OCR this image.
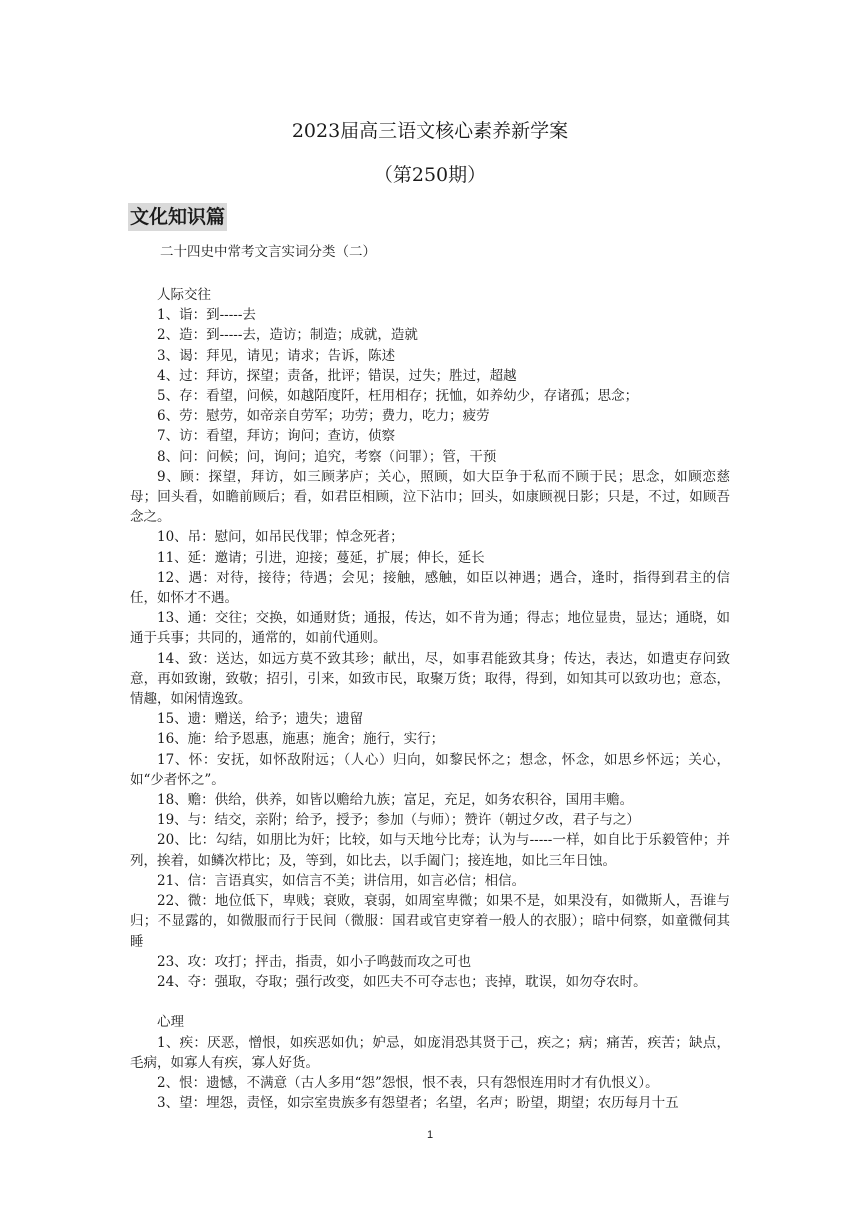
2023届高三语文核心素养新学案
（第250期）
文化知识篇
二十四史中常考文言实词分类（二）

人际交往

1、诣：到-----去

2、造：到-----去，造访；制造；成就，造就

3、谒：拜见，请见；请求；告诉，陈述

4、过：拜访，探望；责备，批评；错误，过失；胜过，超越

5、存：看望，问候，如越陌度阡，枉用相存；抚恤，如养幼少，存诸孤；思念；

6、劳：慰劳，如帝亲自劳军；功劳；费力，吃力；疲劳

7、访：看望，拜访；询问；查访，侦察

8、问：问候；问，询问；追究，考察（问罪）；管，干预

9、顾：探望，拜访，如三顾茅庐；关心，照顾，如大臣争于私而不顾于民；思念，如顾恋慈母；回头看，如瞻前顾后；看，如君臣相顾，泣下沾巾；回头，如康顾视日影；只是，不过，如顾吾念之。

10、吊：慰问，如吊民伐罪；悼念死者；

11、延：邀请；引进，迎接；蔓延，扩展；伸长，延长

12、遇：对待，接待；待遇；会见；接触，感触，如臣以神遇；遇合，逢时，指得到君主的信任，如怀才不遇。

13、通：交往；交换，如通财货；通报，传达，如不肯为通；得志；地位显贵，显达；通晓，如通于兵事；共同的，通常的，如前代通则。

14、致：送达，如远方莫不致其珍；献出，尽，如事君能致其身；传达，表达，如遣吏存问致意，再如致谢，致敬；招引，引来，如致市民，取聚万货；取得，得到，如知其可以致功也；意态，情趣，如闲情逸致。

15、遗：赠送，给予；遗失；遗留

16、施：给予恩惠，施惠；施舍；施行，实行；

17、怀：安抚，如怀敌附远；（人心）归向，如黎民怀之；想念，怀念，如思乡怀远；关心，如“少者怀之”。

18、赡：供给，供养，如皆以赡给九族；富足，充足，如务农积谷，国用丰赡。

19、与：结交，亲附；给予，授予；参加（与师）；赞许（朝过夕改，君子与之）

20、比：勾结，如朋比为奸；比较，如与天地兮比寿；认为与-----一样，如自比于乐毅管仲；并列，挨着，如鳞次栉比；及，等到，如比去，以手阖门；接连地，如比三年日蚀。

21、信：言语真实，如信言不美；讲信用，如言必信；相信。

22、微：地位低下，卑贱；衰败，衰弱，如周室卑微；如果不是，如果没有，如微斯人，吾谁与归；不显露的，如微服而行于民间（微服：国君或官吏穿着一般人的衣服）；暗中伺察，如童微伺其睡

23、攻：攻打；抨击，指责，如小子鸣鼓而攻之可也

24、夺：强取，夺取；强行改变，如匹夫不可夺志也；丧掉，耽误，如勿夺农时。

心理

1、疾：厌恶，憎恨，如疾恶如仇；妒忌，如庞涓恐其贤于己，疾之；病；痛苦，疾苦；缺点，毛病，如寡人有疾，寡人好货。

2、恨：遗憾，不满意（古人多用“怨”怨恨，恨不表，只有怨恨连用时才有仇恨义）。

3、望：埋怨，责怪，如宗室贵族多有怨望者；名望，名声；盼望，期望；农历每月十五

1
